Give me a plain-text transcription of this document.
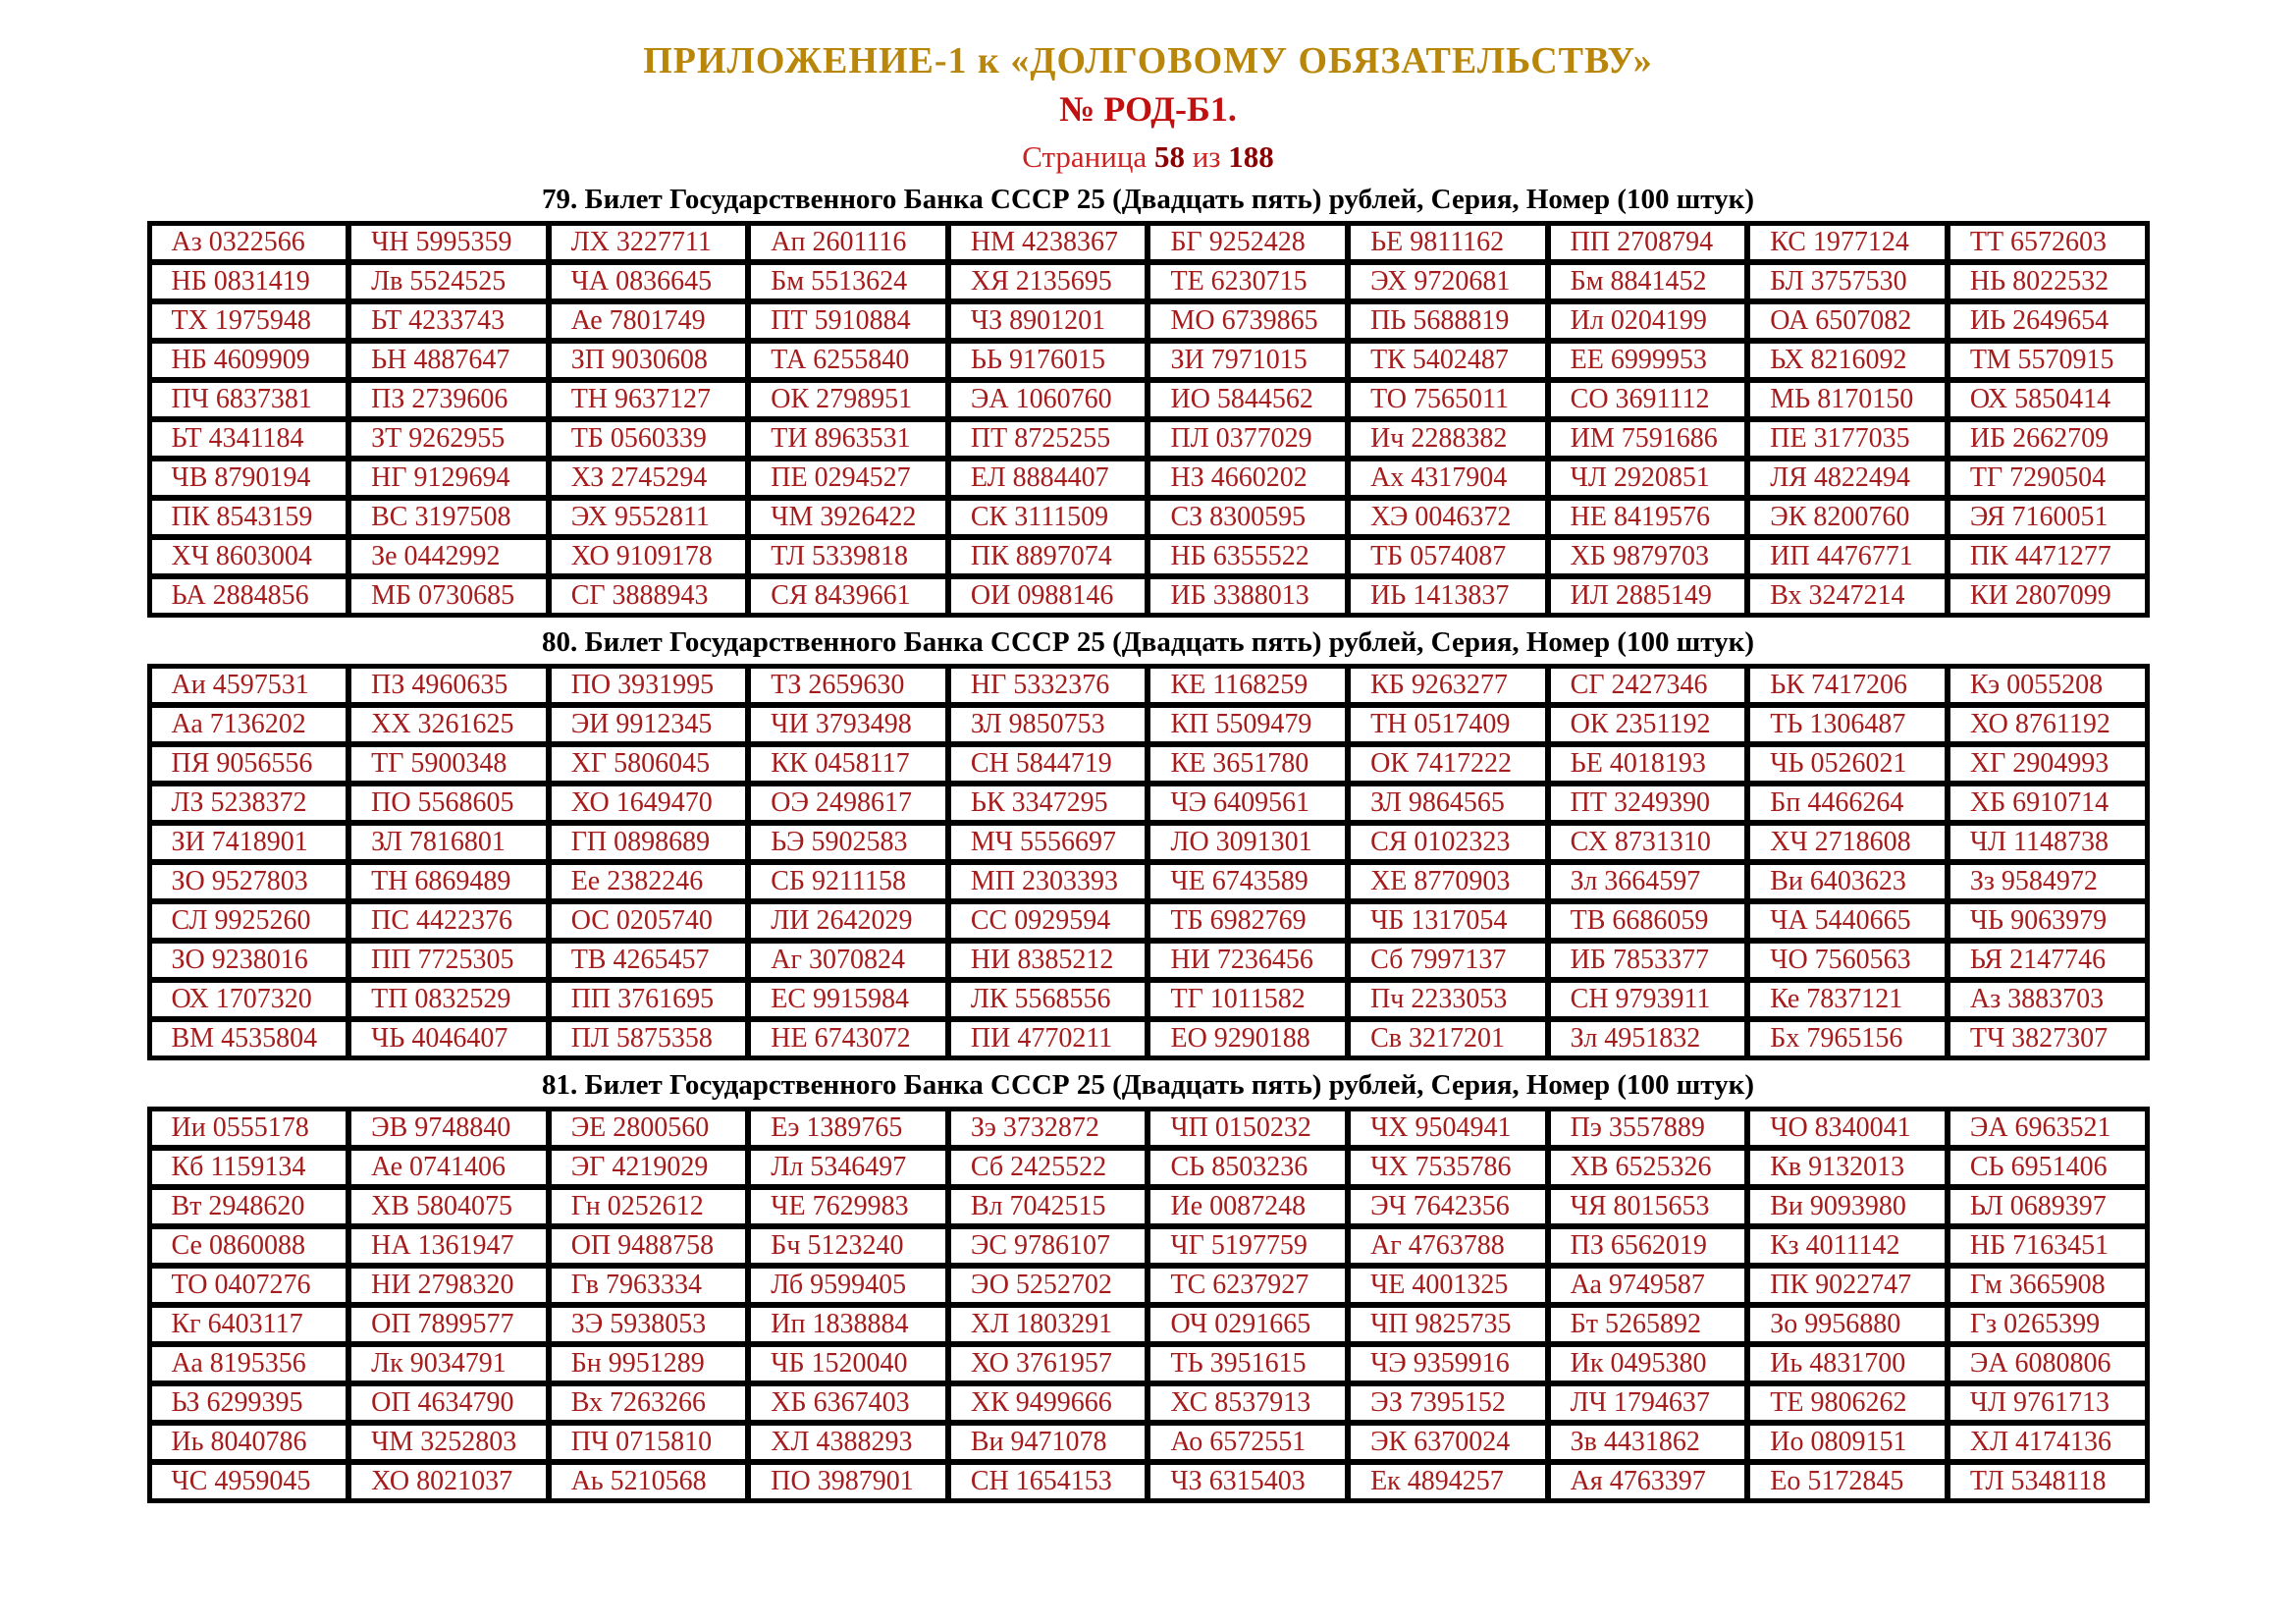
ПРИЛОЖЕНИЕ-1 к «ДОЛГОВОМУ ОБЯЗАТЕЛЬСТВУ»
№ РОД-Б1.
Страница 58 из 188
79. Билет Государственного Банка СССР 25 (Двадцать пять) рублей, Серия, Номер (100 штук)
Аз 0322566	ЧН 5995359	ЛХ 3227711	Ап 2601116	НМ 4238367	БГ 9252428	ЬЕ 9811162	ПП 2708794	КС 1977124	ТТ 6572603
НБ 0831419	Лв 5524525	ЧА 0836645	Бм 5513624	ХЯ 2135695	ТЕ 6230715	ЭХ 9720681	Бм 8841452	БЛ 3757530	НЬ 8022532
ТХ 1975948	ЬТ 4233743	Ае 7801749	ПТ 5910884	ЧЗ 8901201	МО 6739865	ПЬ 5688819	Ил 0204199	ОА 6507082	ИЬ 2649654
НБ 4609909	ЬН 4887647	ЗП 9030608	ТА 6255840	ЬЬ 9176015	ЗИ 7971015	ТК 5402487	ЕЕ 6999953	ЬХ 8216092	ТМ 5570915
ПЧ 6837381	ПЗ 2739606	ТН 9637127	ОК 2798951	ЭА 1060760	ИО 5844562	ТО 7565011	СО 3691112	МЬ 8170150	ОХ 5850414
ЬТ 4341184	ЗТ 9262955	ТБ 0560339	ТИ 8963531	ПТ 8725255	ПЛ 0377029	Ич 2288382	ИМ 7591686	ПЕ 3177035	ИБ 2662709
ЧВ 8790194	НГ 9129694	ХЗ 2745294	ПЕ 0294527	ЕЛ 8884407	НЗ 4660202	Ах 4317904	ЧЛ 2920851	ЛЯ 4822494	ТГ 7290504
ПК 8543159	ВС 3197508	ЭХ 9552811	ЧМ 3926422	СК 3111509	СЗ 8300595	ХЭ 0046372	НЕ 8419576	ЭК 8200760	ЭЯ 7160051
ХЧ 8603004	Зе 0442992	ХО 9109178	ТЛ 5339818	ПК 8897074	НБ 6355522	ТБ 0574087	ХБ 9879703	ИП 4476771	ПК 4471277
ЬА 2884856	МБ 0730685	СГ 3888943	СЯ 8439661	ОИ 0988146	ИБ 3388013	ИЬ 1413837	ИЛ 2885149	Вх 3247214	КИ 2807099
80. Билет Государственного Банка СССР 25 (Двадцать пять) рублей, Серия, Номер (100 штук)
Аи 4597531	ПЗ 4960635	ПО 3931995	ТЗ 2659630	НГ 5332376	КЕ 1168259	КБ 9263277	СГ 2427346	ЬК 7417206	Кэ 0055208
Аа 7136202	ХХ 3261625	ЭИ 9912345	ЧИ 3793498	ЗЛ 9850753	КП 5509479	ТН 0517409	ОК 2351192	ТЬ 1306487	ХО 8761192
ПЯ 9056556	ТГ 5900348	ХГ 5806045	КК 0458117	СН 5844719	КЕ 3651780	ОК 7417222	ЬЕ 4018193	ЧЬ 0526021	ХГ 2904993
ЛЗ 5238372	ПО 5568605	ХО 1649470	ОЭ 2498617	ЬК 3347295	ЧЭ 6409561	ЗЛ 9864565	ПТ 3249390	Бп 4466264	ХБ 6910714
ЗИ 7418901	ЗЛ 7816801	ГП 0898689	ЬЭ 5902583	МЧ 5556697	ЛО 3091301	СЯ 0102323	СХ 8731310	ХЧ 2718608	ЧЛ 1148738
ЗО 9527803	ТН 6869489	Ее 2382246	СБ 9211158	МП 2303393	ЧЕ 6743589	ХЕ 8770903	Зл 3664597	Ви 6403623	Зз 9584972
СЛ 9925260	ПС 4422376	ОС 0205740	ЛИ 2642029	СС 0929594	ТБ 6982769	ЧБ 1317054	ТВ 6686059	ЧА 5440665	ЧЬ 9063979
ЗО 9238016	ПП 7725305	ТВ 4265457	Аг 3070824	НИ 8385212	НИ 7236456	Сб 7997137	ИБ 7853377	ЧО 7560563	ЬЯ 2147746
ОХ 1707320	ТП 0832529	ПП 3761695	ЕС 9915984	ЛК 5568556	ТГ 1011582	Пч 2233053	СН 9793911	Ке 7837121	Аз 3883703
ВМ 4535804	ЧЬ 4046407	ПЛ 5875358	НЕ 6743072	ПИ 4770211	ЕО 9290188	Св 3217201	Зл 4951832	Бх 7965156	ТЧ 3827307
81. Билет Государственного Банка СССР 25 (Двадцать пять) рублей, Серия, Номер (100 штук)
Ии 0555178	ЭВ 9748840	ЭЕ 2800560	Еэ 1389765	Зэ 3732872	ЧП 0150232	ЧХ 9504941	Пэ 3557889	ЧО 8340041	ЭА 6963521
Кб 1159134	Ае 0741406	ЭГ 4219029	Лл 5346497	Сб 2425522	СЬ 8503236	ЧХ 7535786	ХВ 6525326	Кв 9132013	СЬ 6951406
Вт 2948620	ХВ 5804075	Гн 0252612	ЧЕ 7629983	Вл 7042515	Ие 0087248	ЭЧ 7642356	ЧЯ 8015653	Ви 9093980	ЬЛ 0689397
Се 0860088	НА 1361947	ОП 9488758	Бч 5123240	ЭС 9786107	ЧГ 5197759	Аг 4763788	ПЗ 6562019	Кз 4011142	НБ 7163451
ТО 0407276	НИ 2798320	Гв 7963334	Лб 9599405	ЭО 5252702	ТС 6237927	ЧЕ 4001325	Аа 9749587	ПК 9022747	Гм 3665908
Кг 6403117	ОП 7899577	ЗЭ 5938053	Ип 1838884	ХЛ 1803291	ОЧ 0291665	ЧП 9825735	Бт 5265892	Зо 9956880	Гз 0265399
Аа 8195356	Лк 9034791	Бн 9951289	ЧБ 1520040	ХО 3761957	ТЬ 3951615	ЧЭ 9359916	Ик 0495380	Иь 4831700	ЭА 6080806
ЬЗ 6299395	ОП 4634790	Вх 7263266	ХБ 6367403	ХК 9499666	ХС 8537913	ЭЗ 7395152	ЛЧ 1794637	ТЕ 9806262	ЧЛ 9761713
Иь 8040786	ЧМ 3252803	ПЧ 0715810	ХЛ 4388293	Ви 9471078	Ао 6572551	ЭК 6370024	Зв 4431862	Ио 0809151	ХЛ 4174136
ЧС 4959045	ХО 8021037	Аь 5210568	ПО 3987901	СН 1654153	ЧЗ 6315403	Ек 4894257	Ая 4763397	Ео 5172845	ТЛ 5348118
